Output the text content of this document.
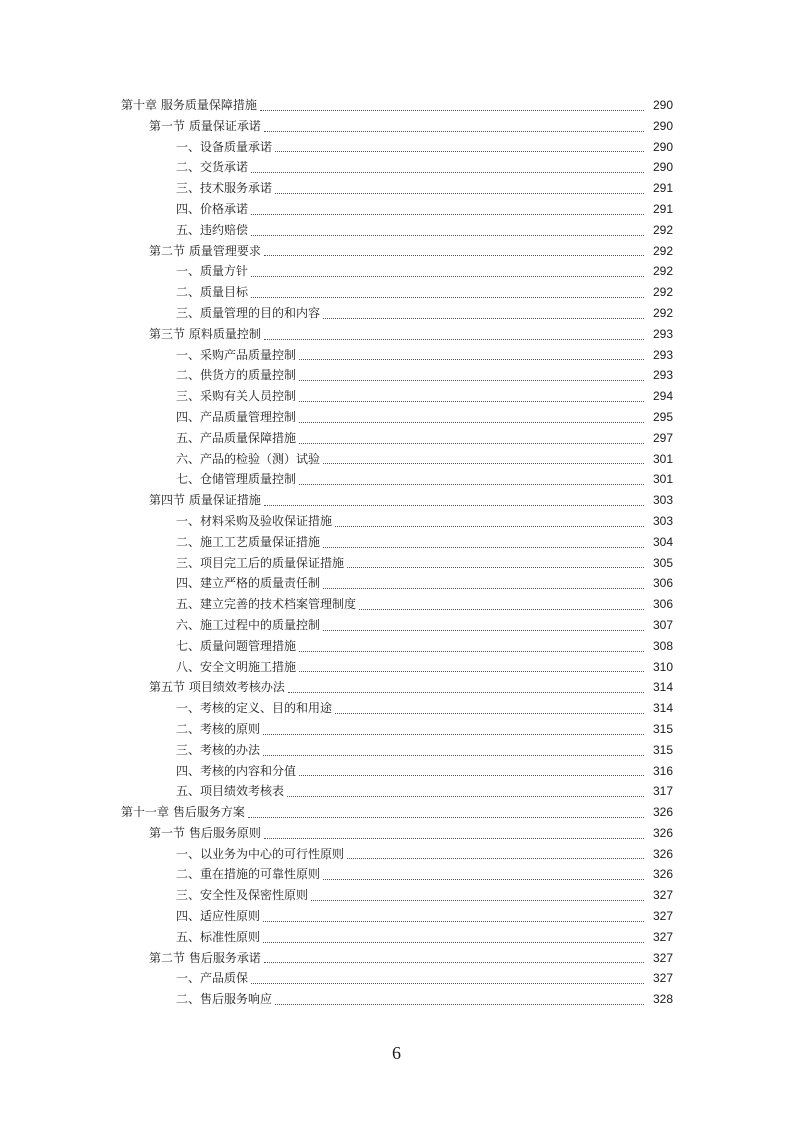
第十章 服务质量保障措施	290
第一节 质量保证承诺	290
一、设备质量承诺	290
二、交货承诺	290
三、技术服务承诺	291
四、价格承诺	291
五、违约赔偿	292
第二节 质量管理要求	292
一、质量方针	292
二、质量目标	292
三、质量管理的目的和内容	292
第三节 原料质量控制	293
一、采购产品质量控制	293
二、供货方的质量控制	293
三、采购有关人员控制	294
四、产品质量管理控制	295
五、产品质量保障措施	297
六、产品的检验（测）试验	301
七、仓储管理质量控制	301
第四节 质量保证措施	303
一、材料采购及验收保证措施	303
二、施工工艺质量保证措施	304
三、项目完工后的质量保证措施	305
四、建立严格的质量责任制	306
五、建立完善的技术档案管理制度	306
六、施工过程中的质量控制	307
七、质量问题管理措施	308
八、安全文明施工措施	310
第五节 项目绩效考核办法	314
一、考核的定义、目的和用途	314
二、考核的原则	315
三、考核的办法	315
四、考核的内容和分值	316
五、项目绩效考核表	317
第十一章 售后服务方案	326
第一节 售后服务原则	326
一、以业务为中心的可行性原则	326
二、重在措施的可靠性原则	326
三、安全性及保密性原则	327
四、适应性原则	327
五、标准性原则	327
第二节 售后服务承诺	327
一、产品质保	327
二、售后服务响应	328
6
